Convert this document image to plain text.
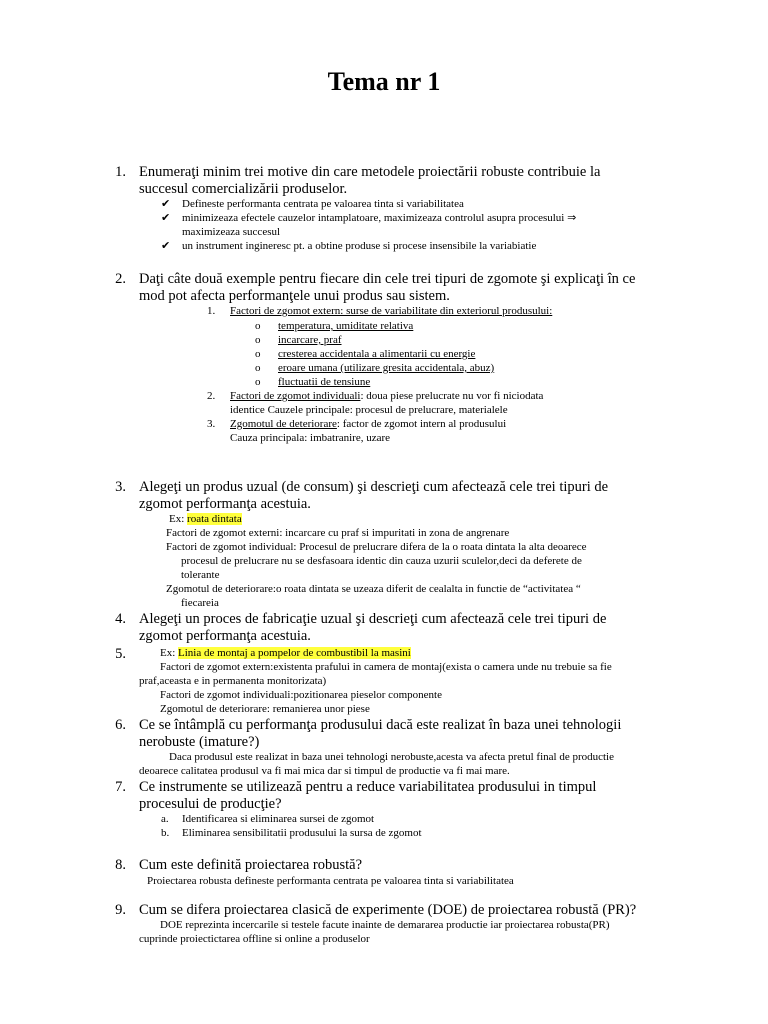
Tema nr 1
1. Enumeraţi minim trei motive din care metodele proiectării robuste contribuie la
succesul comercializării produselor.
✔ Defineste performanta centrata pe valoarea tinta si variabilitatea
✔ minimizeaza efectele cauzelor intamplatoare, maximizeaza controlul asupra procesului ⇒
maximizeaza succesul
✔ un instrument ingineresc pt. a obtine produse si procese insensibile la variabiatie
2. Daţi câte două exemple pentru fiecare din cele trei tipuri de zgomote şi explicaţi în ce
mod pot afecta performanţele unui produs sau sistem.
1. Factori de zgomot extern: surse de variabilitate din exteriorul produsului:
o temperatura, umiditate relativa
o incarcare, praf
o cresterea accidentala a alimentarii cu energie
o eroare umana (utilizare gresita accidentala, abuz)
o fluctuatii de tensiune
2. Factori de zgomot individuali: doua piese prelucrate nu vor fi niciodata
identice Cauzele principale: procesul de prelucrare, materialele
3. Zgomotul de deteriorare: factor de zgomot intern al produsului
Cauza principala: imbatranire, uzare
3. Alegeţi un produs uzual (de consum) şi descrieţi cum afectează cele trei tipuri de
zgomot performanţa acestuia.
Ex: roata dintata
Factori de zgomot externi: incarcare cu praf si impuritati in zona de angrenare
Factori de zgomot individual: Procesul de prelucrare difera de la o roata dintata la alta deoarece
procesul de prelucrare nu se desfasoara identic din cauza uzurii sculelor,deci da deferete de
tolerante
Zgomotul de deteriorare:o roata dintata se uzeaza diferit de cealalta in functie de “activitatea “
fiecareia
4. Alegeţi un proces de fabricaţie uzual şi descrieţi cum afectează cele trei tipuri de
zgomot performanţa acestuia.
5.	Ex: Linia de montaj a pompelor de combustibil la masini
Factori de zgomot extern:existenta prafului in camera de montaj(exista o camera unde nu trebuie sa fie
praf,aceasta e in permanenta monitorizata)
Factori de zgomot individuali:pozitionarea pieselor componente
Zgomotul de deteriorare: remanierea unor piese
6. Ce se întâmplă cu performanţa produsului dacă este realizat în baza unei tehnologii
nerobuste (imature?)
Daca produsul este realizat in baza unei tehnologi nerobuste,acesta va afecta pretul final de productie
deoarece calitatea produsul va fi mai mica dar si timpul de productie va fi mai mare.
7. Ce instrumente se utilizează pentru a reduce variabilitatea produsului in timpul
procesului de producţie?
a. Identificarea si eliminarea sursei de zgomot
b. Eliminarea sensibilitatii produsului la sursa de zgomot
8. Cum este definită proiectarea robustă?
Proiectarea robusta defineste performanta centrata pe valoarea tinta si variabilitatea
9. Cum se difera proiectarea clasică de experimente (DOE) de proiectarea robustă (PR)?
DOE reprezinta incercarile si testele facute inainte de demararea productie iar proiectarea robusta(PR)
cuprinde proiectictarea offline si online a produselor
